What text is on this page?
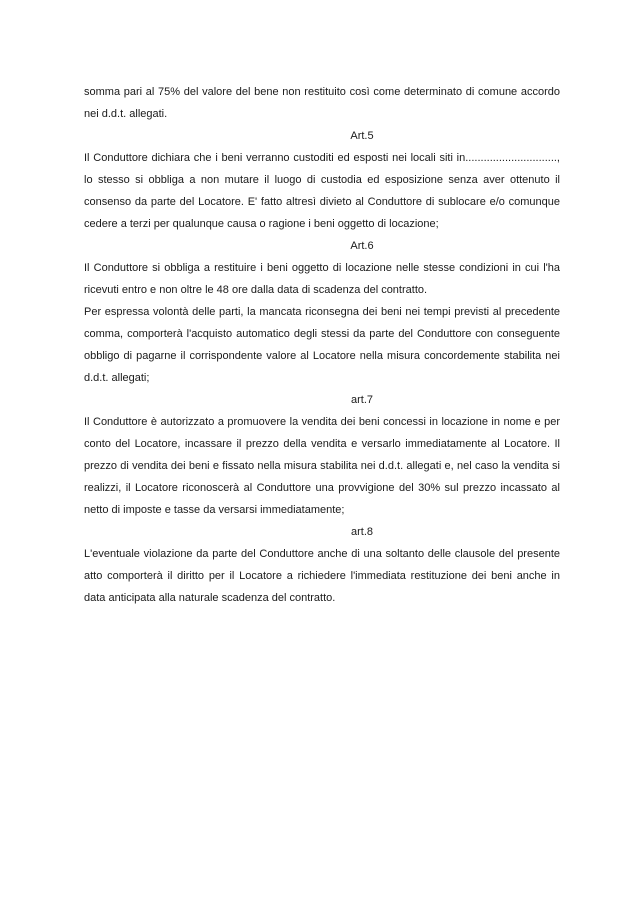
somma pari al 75% del valore del bene non restituito così come determinato di comune accordo nei d.d.t. allegati.

Art.5

Il Conduttore dichiara che i beni verranno custoditi ed esposti nei locali siti in.............................., lo stesso si obbliga a non mutare il luogo di custodia ed esposizione senza aver ottenuto il consenso da parte del Locatore. E' fatto altresì divieto al Conduttore di sublocare e/o comunque cedere a terzi per qualunque causa o ragione i beni oggetto di locazione;

Art.6

Il Conduttore si obbliga a restituire i beni oggetto di locazione nelle stesse condizioni in cui l'ha ricevuti entro e non oltre le 48 ore dalla data di scadenza del contratto.

Per espressa volontà delle parti, la mancata riconsegna dei beni nei tempi previsti al precedente comma, comporterà l'acquisto automatico degli stessi da parte del Conduttore con conseguente obbligo di pagarne il corrispondente valore al Locatore nella misura concordemente stabilita nei d.d.t. allegati;

art.7

Il Conduttore è autorizzato a promuovere la vendita dei beni concessi in locazione in nome e per conto del Locatore, incassare il prezzo della vendita e versarlo immediatamente al Locatore. Il prezzo di vendita dei beni e fissato nella misura stabilita nei d.d.t. allegati e, nel caso la vendita si realizzi, il Locatore riconoscerà al Conduttore una provvigione del 30% sul prezzo incassato al netto di imposte e tasse da versarsi immediatamente;

art.8

L'eventuale violazione da parte del Conduttore anche di una soltanto delle clausole del presente atto comporterà il diritto per il Locatore a richiedere l'immediata restituzione dei beni anche in data anticipata alla naturale scadenza del contratto.
